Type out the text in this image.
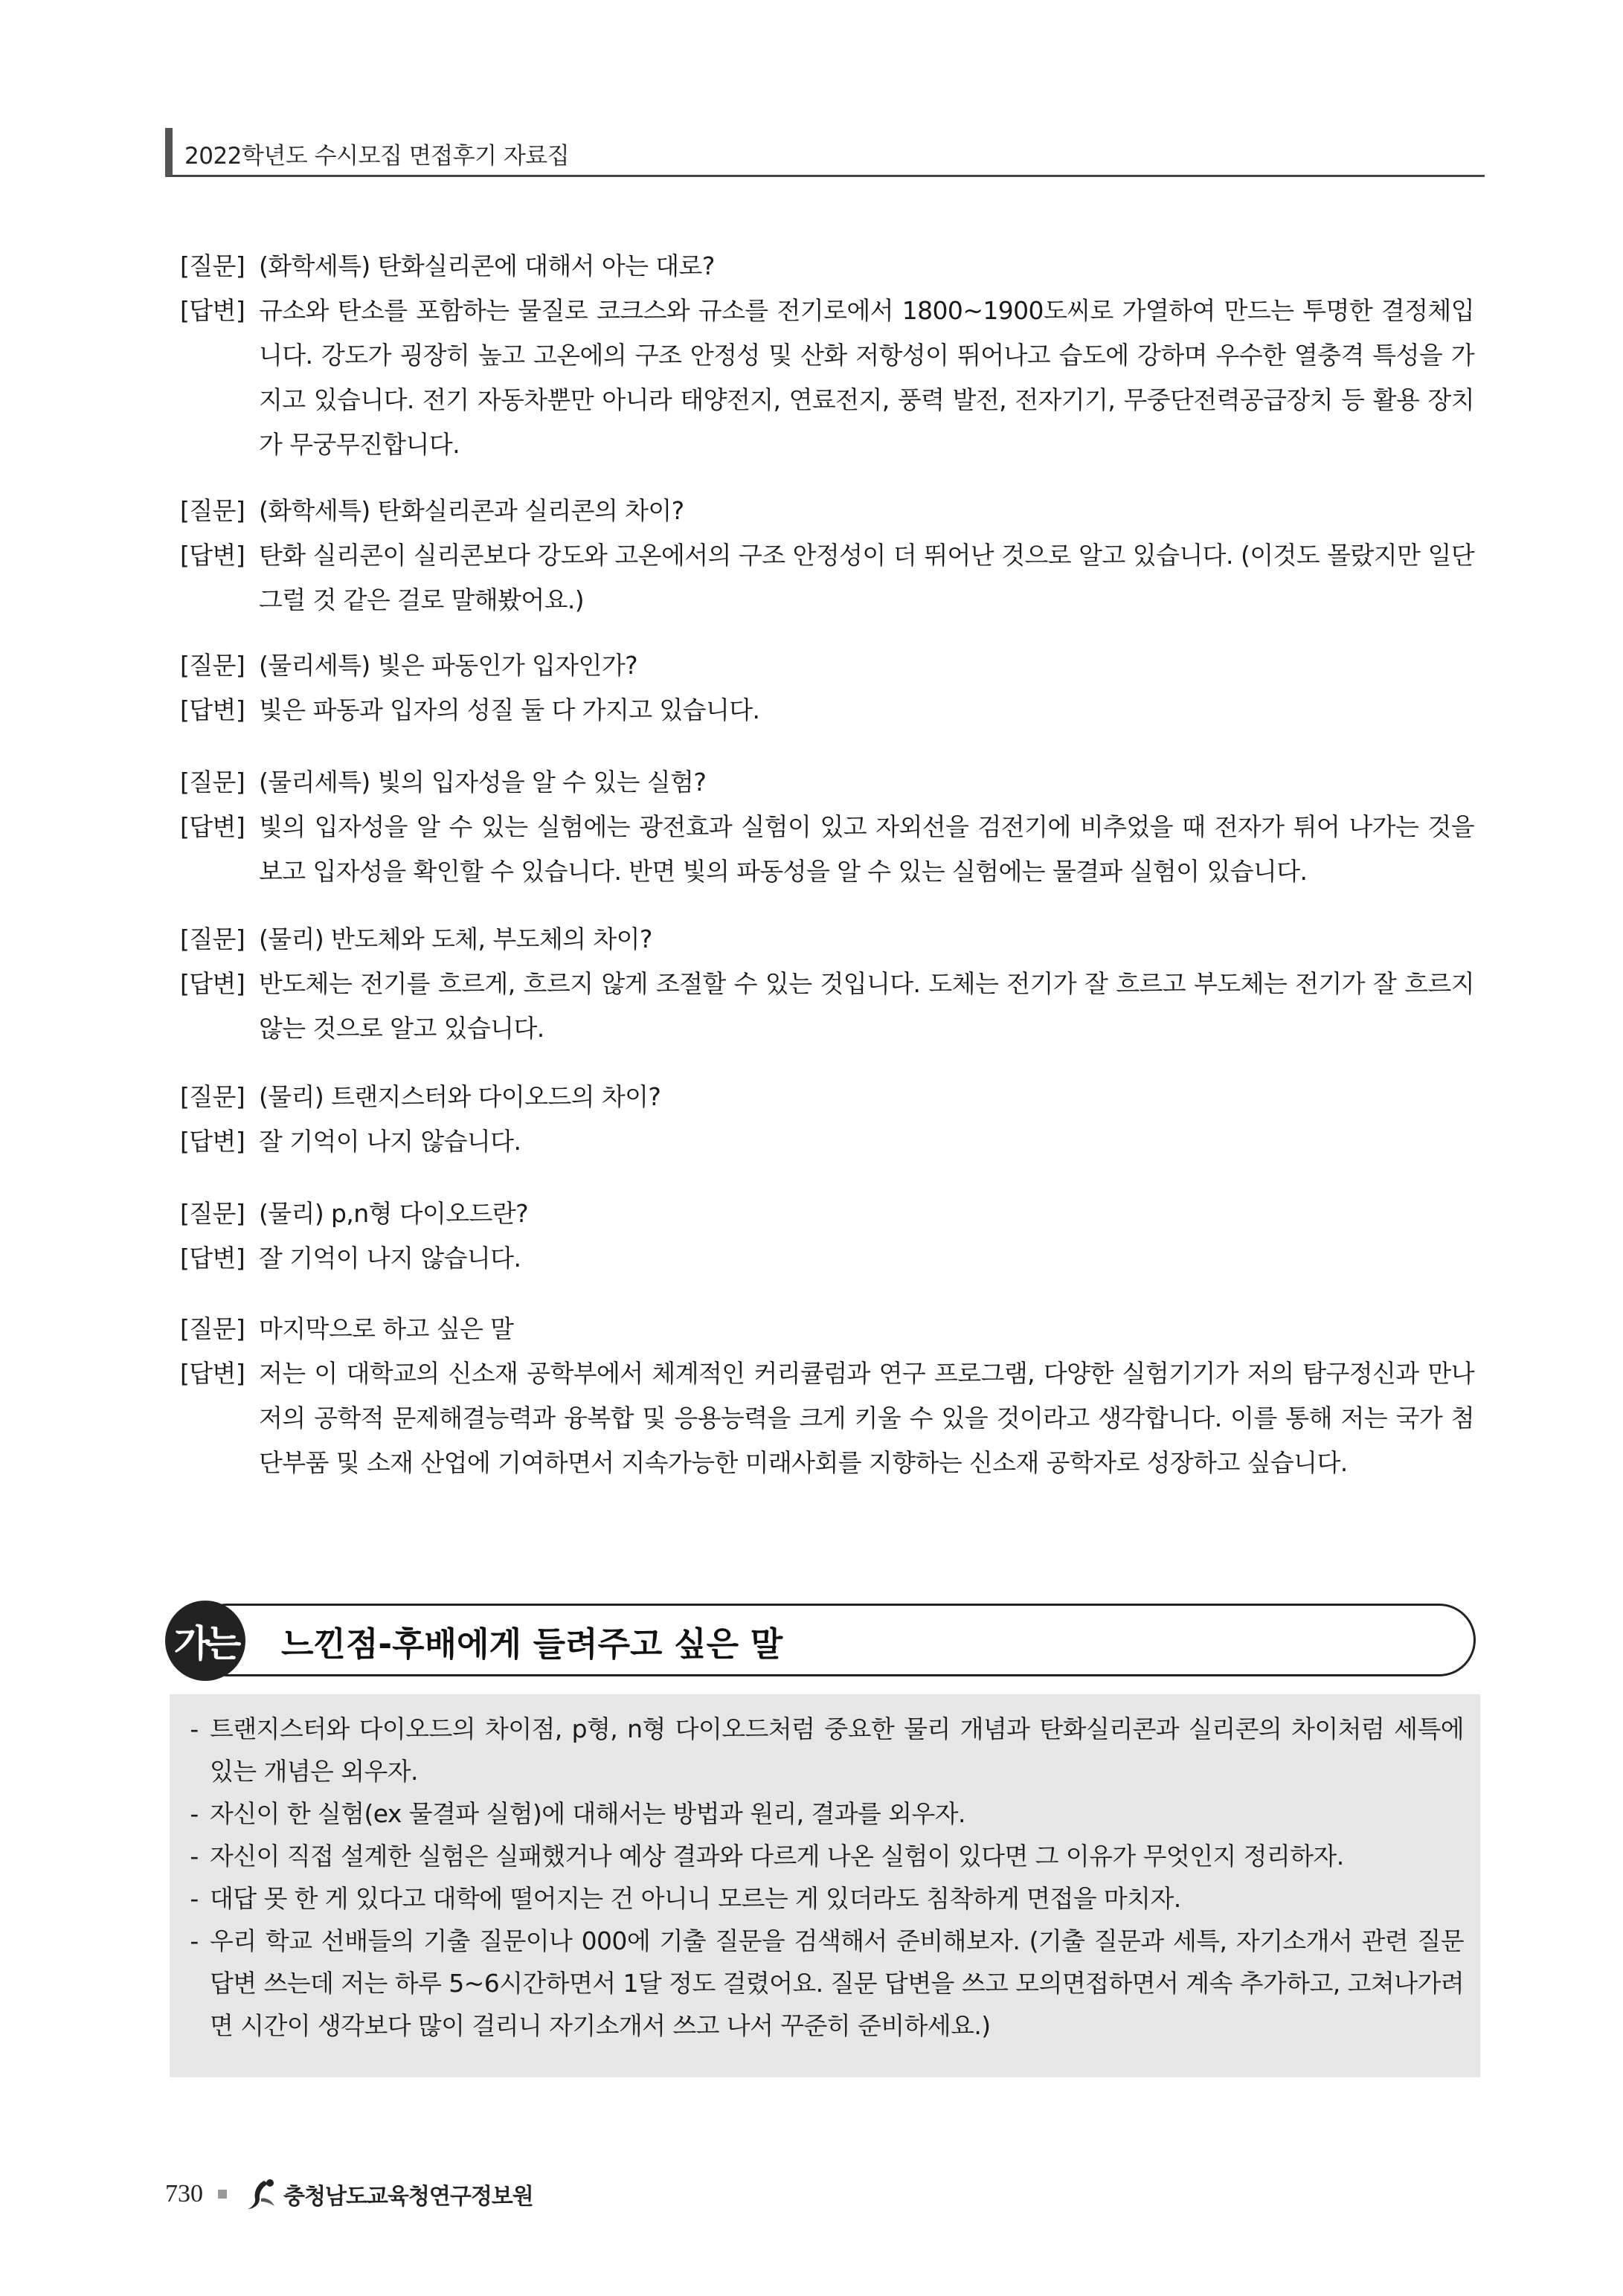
2022학년도 수시모집 면접후기 자료집
[질문] (화학세특) 탄화실리콘에 대해서 아는 대로?
[답변] 규소와 탄소를 포함하는 물질로 코크스와 규소를 전기로에서 1800~1900도씨로 가열하여 만드는 투명한 결정체입니다. 강도가 굉장히 높고 고온에의 구조 안정성 및 산화 저항성이 뛰어나고 습도에 강하며 우수한 열충격 특성을 가지고 있습니다. 전기 자동차뿐만 아니라 태양전지, 연료전지, 풍력 발전, 전자기기, 무중단전력공급장치 등 활용 장치가 무궁무진합니다.
[질문] (화학세특) 탄화실리콘과 실리콘의 차이?
[답변] 탄화 실리콘이 실리콘보다 강도와 고온에서의 구조 안정성이 더 뛰어난 것으로 알고 있습니다. (이것도 몰랐지만 일단 그럴 것 같은 걸로 말해봤어요.)
[질문] (물리세특) 빛은 파동인가 입자인가?
[답변] 빛은 파동과 입자의 성질 둘 다 가지고 있습니다.
[질문] (물리세특) 빛의 입자성을 알 수 있는 실험?
[답변] 빛의 입자성을 알 수 있는 실험에는 광전효과 실험이 있고 자외선을 검전기에 비추었을 때 전자가 튀어 나가는 것을 보고 입자성을 확인할 수 있습니다. 반면 빛의 파동성을 알 수 있는 실험에는 물결파 실험이 있습니다.
[질문] (물리) 반도체와 도체, 부도체의 차이?
[답변] 반도체는 전기를 흐르게, 흐르지 않게 조절할 수 있는 것입니다. 도체는 전기가 잘 흐르고 부도체는 전기가 잘 흐르지 않는 것으로 알고 있습니다.
[질문] (물리) 트랜지스터와 다이오드의 차이?
[답변] 잘 기억이 나지 않습니다.
[질문] (물리) p,n형 다이오드란?
[답변] 잘 기억이 나지 않습니다.
[질문] 마지막으로 하고 싶은 말
[답변] 저는 이 대학교의 신소재 공학부에서 체계적인 커리큘럼과 연구 프로그램, 다양한 실험기기가 저의 탐구정신과 만나 저의 공학적 문제해결능력과 융복합 및 응용능력을 크게 키울 수 있을 것이라고 생각합니다. 이를 통해 저는 국가 첨단부품 및 소재 산업에 기여하면서 지속가능한 미래사회를 지향하는 신소재 공학자로 성장하고 싶습니다.
가는 느낀점-후배에게 들려주고 싶은 말
- 트랜지스터와 다이오드의 차이점, p형, n형 다이오드처럼 중요한 물리 개념과 탄화실리콘과 실리콘의 차이처럼 세특에 있는 개념은 외우자.
- 자신이 한 실험(ex 물결파 실험)에 대해서는 방법과 원리, 결과를 외우자.
- 자신이 직접 설계한 실험은 실패했거나 예상 결과와 다르게 나온 실험이 있다면 그 이유가 무엇인지 정리하자.
- 대답 못 한 게 있다고 대학에 떨어지는 건 아니니 모르는 게 있더라도 침착하게 면접을 마치자.
- 우리 학교 선배들의 기출 질문이나 000에 기출 질문을 검색해서 준비해보자. (기출 질문과 세특, 자기소개서 관련 질문 답변 쓰는데 저는 하루 5~6시간하면서 1달 정도 걸렸어요. 질문 답변을 쓰고 모의면접하면서 계속 추가하고, 고쳐나가려면 시간이 생각보다 많이 걸리니 자기소개서 쓰고 나서 꾸준히 준비하세요.)
730	충청남도교육청연구정보원
